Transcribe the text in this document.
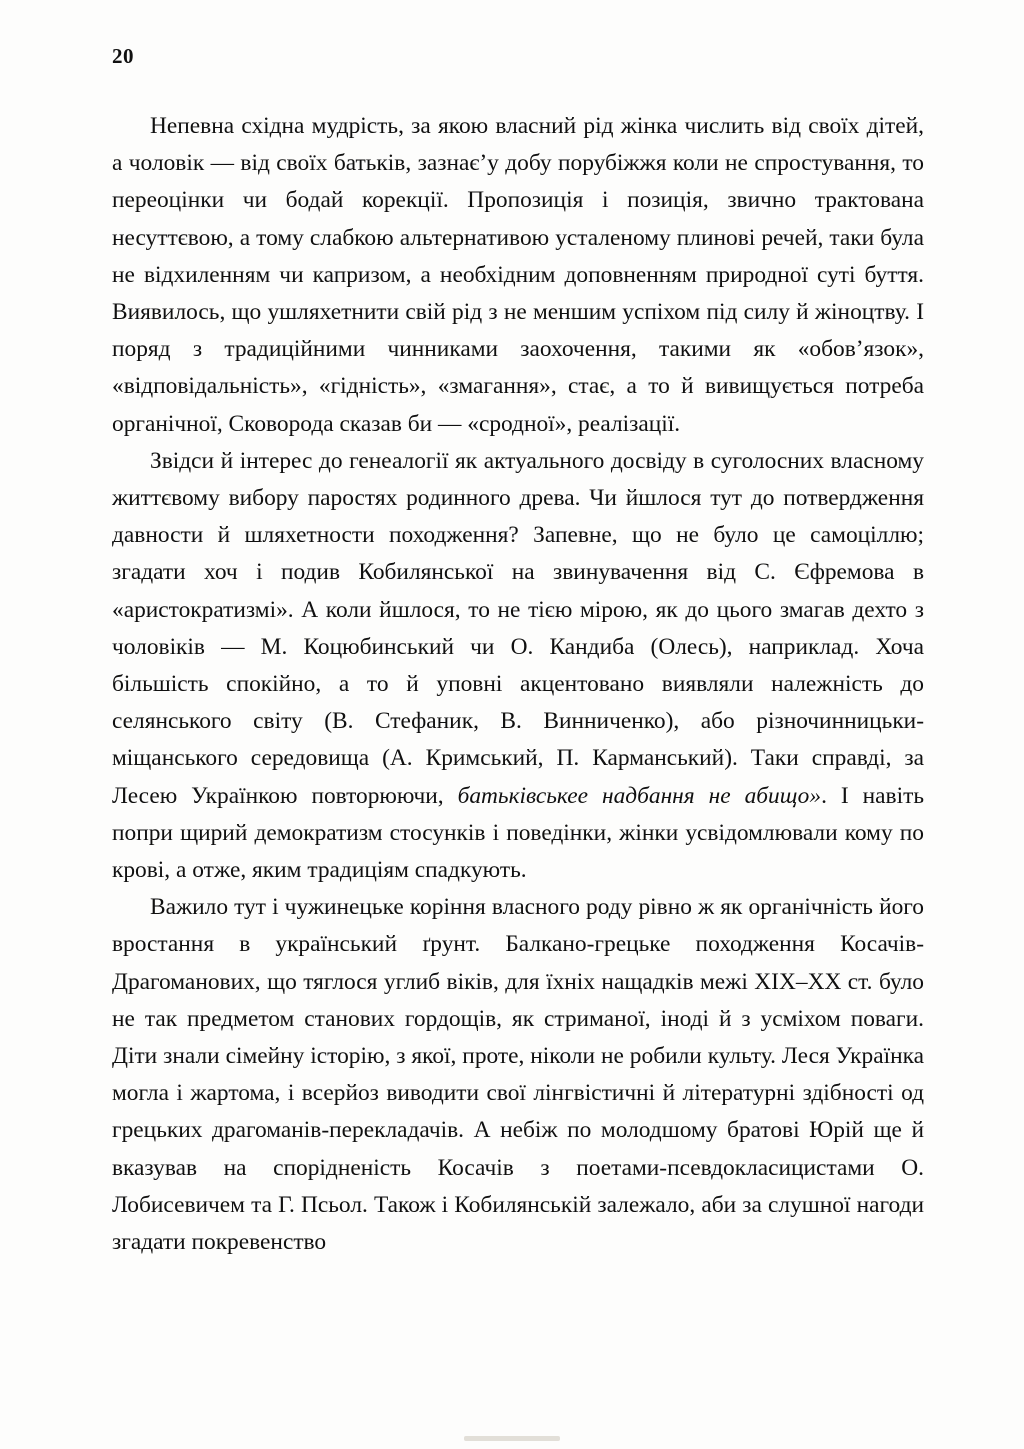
20

Непевна східна мудрість, за якою власний рід жінка числить від своїх дітей, а чоловік — від своїх батьків, зазнаєʼу добу порубіжжя коли не спростування, то переоцінки чи бодай корекції. Пропозиція і позиція, звично трактована несуттєвою, а тому слабкою альтернативою усталеному плинові речей, таки була не відхиленням чи капризом, а необхідним доповненням природної суті буття. Виявилось, що ушляхетнити свій рід з не меншим успіхом під силу й жіноцтву. І поряд з традиційними чинниками заохочення, такими як «обовʼязок», «відповідальність», «гідність», «змагання», стає, а то й вивищується потреба органічної, Сковорода сказав би — «сродної», реалізації.

Звідси й інтерес до генеалогії як актуального досвіду в суголосних власному життєвому вибору паростях родинного древа. Чи йшлося тут до потвердження давности й шляхетности походження? Запевне, що не було це самоціллю; згадати хоч і подив Кобилянської на звинувачення від С. Єфремова в «аристократизмі». А коли йшлося, то не тією мірою, як до цього змагав дехто з чоловіків — М. Коцюбинський чи О. Кандиба (Олесь), наприклад. Хоча більшість спокійно, а то й уповні акцентовано виявляли належність до селянського світу (В. Стефаник, В. Винниченко), або різночинницьки-міщанського середовища (А. Кримський, П. Карманський). Таки справді, за Лесею Українкою повторюючи, батьківськее надбання не абищо». І навіть попри щирий демократизм стосунків і поведінки, жінки усвідомлювали кому по крові, а отже, яким традиціям спадкують.

Важило тут і чужинецьке коріння власного роду рівно ж як органічність його вростання в український ґрунт. Балкано-грецьке походження Косачів-Драгоманових, що тяглося углиб віків, для їхніх нащадків межі XIX–XX ст. було не так предметом станових гордощів, як стриманої, іноді й з усміхом поваги. Діти знали сімейну історію, з якої, проте, ніколи не робили культу. Леся Українка могла і жартома, і всерйоз виводити свої лінгвістичні й літературні здібності од грецьких драгоманів-перекладачів. А небіж по молодшому братові Юрій ще й вказував на спорідненість Косачів з поетами-псевдокласицистами О. Лобисевичем та Г. Псьол. Також і Кобилянській залежало, аби за слушної нагоди згадати покревенство
